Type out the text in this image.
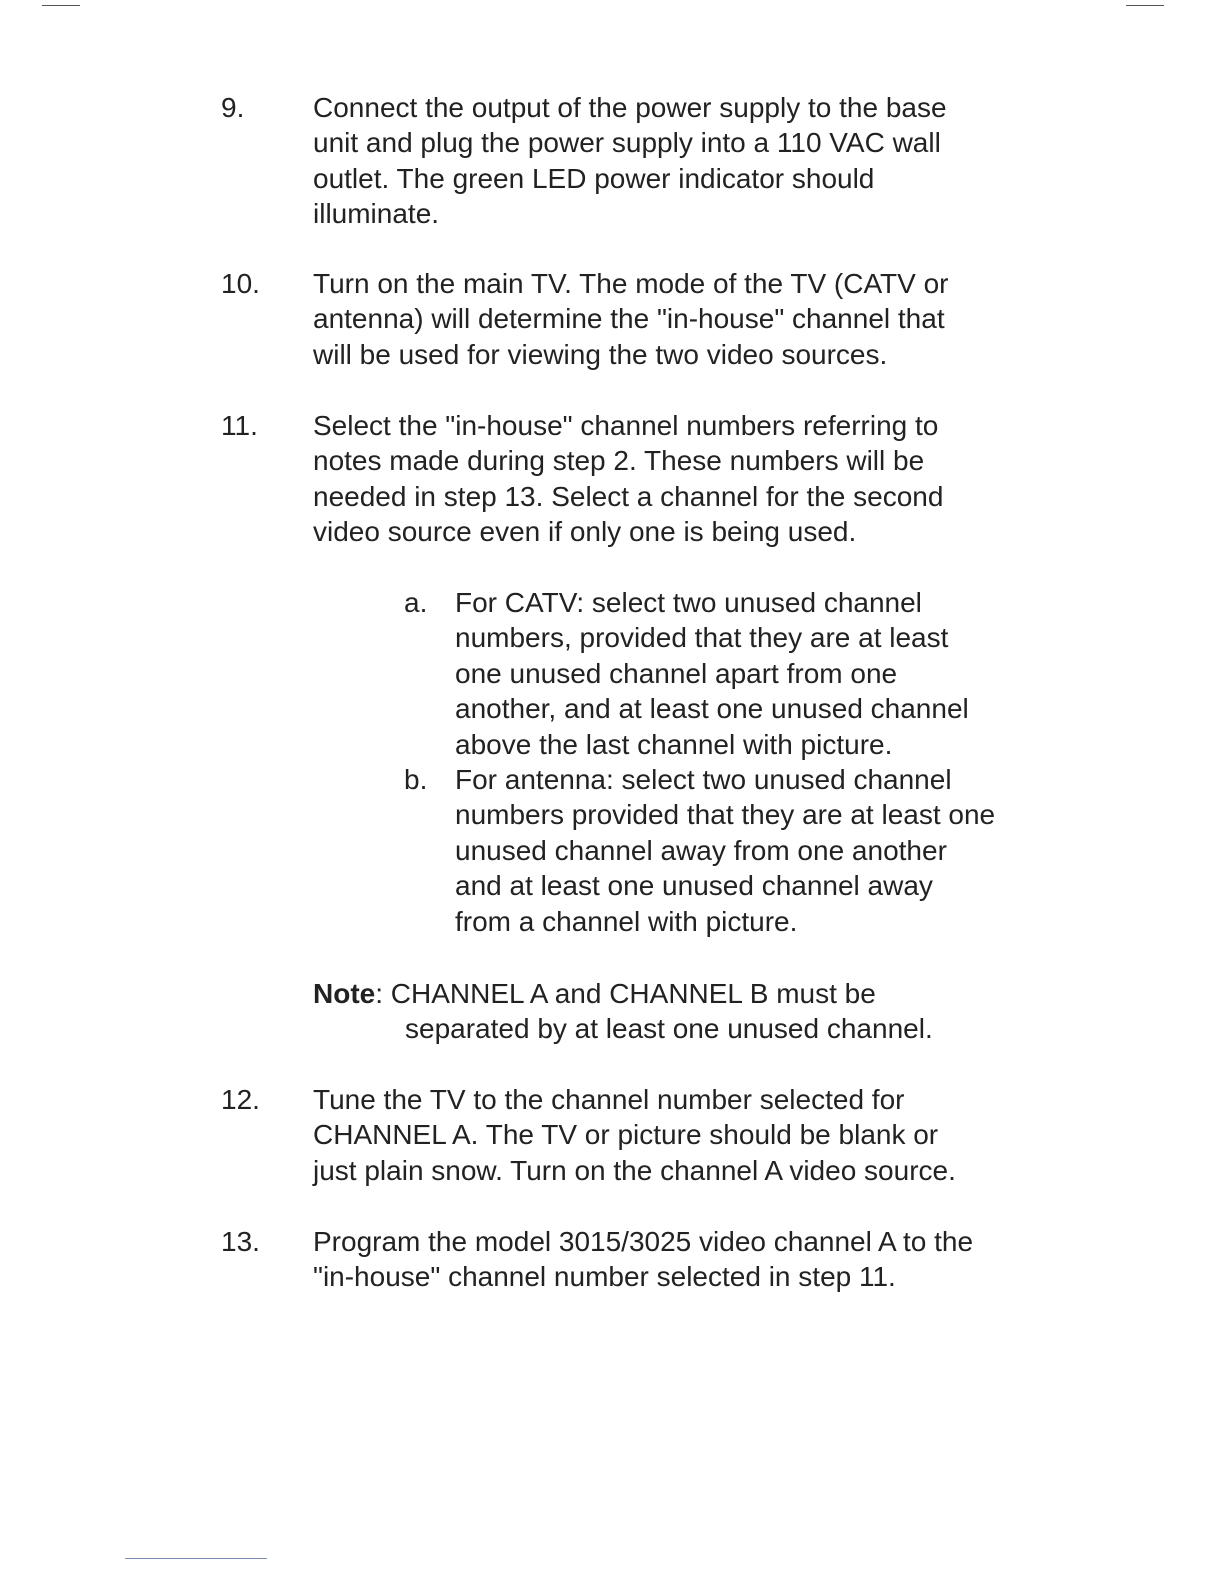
9. Connect the output of the power supply to the base
unit and plug the power supply into a 110 VAC wall
outlet. The green LED power indicator should
illuminate.
10. Turn on the main TV. The mode of the TV (CATV or
antenna) will determine the "in-house" channel that
will be used for viewing the two video sources.
11. Select the "in-house" channel numbers referring to
notes made during step 2. These numbers will be
needed in step 13. Select a channel for the second
video source even if only one is being used.
a. For CATV: select two unused channel
numbers, provided that they are at least
one unused channel apart from one
another, and at least one unused channel
above the last channel with picture.
b. For antenna: select two unused channel
numbers provided that they are at least one
unused channel away from one another
and at least one unused channel away
from a channel with picture.
Note: CHANNEL A and CHANNEL B must be
separated by at least one unused channel.
12. Tune the TV to the channel number selected for
CHANNEL A. The TV or picture should be blank or
just plain snow. Turn on the channel A video source.
13. Program the model 3015/3025 video channel A to the
"in-house" channel number selected in step 11.
